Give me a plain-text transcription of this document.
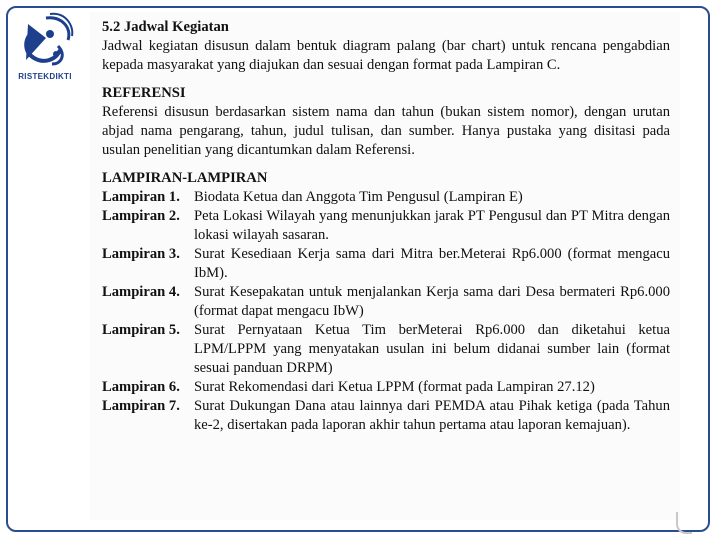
RISTEKDIKTI

5.2 Jadwal Kegiatan

Jadwal kegiatan disusun dalam bentuk diagram palang (bar chart) untuk rencana pengabdian kepada masyarakat yang diajukan dan sesuai dengan format pada Lampiran C.

REFERENSI

Referensi disusun berdasarkan sistem nama dan tahun (bukan sistem nomor), dengan urutan abjad nama pengarang, tahun, judul tulisan, dan sumber. Hanya pustaka yang disitasi pada usulan penelitian yang dicantumkan dalam Referensi.

LAMPIRAN-LAMPIRAN

Lampiran 1. Biodata Ketua dan Anggota Tim Pengusul (Lampiran E)
Lampiran 2. Peta Lokasi Wilayah yang menunjukkan jarak PT Pengusul dan PT Mitra dengan lokasi wilayah sasaran.
Lampiran 3. Surat Kesediaan Kerja sama dari Mitra ber.Meterai Rp6.000 (format mengacu IbM).
Lampiran 4. Surat Kesepakatan untuk menjalankan Kerja sama dari Desa bermateri Rp6.000 (format dapat mengacu IbW)
Lampiran 5. Surat Pernyataan Ketua Tim berMeterai Rp6.000 dan diketahui ketua LPM/LPPM yang menyatakan usulan ini belum didanai sumber lain (format sesuai panduan DRPM)
Lampiran 6. Surat Rekomendasi dari Ketua LPPM (format pada Lampiran 27.12)
Lampiran 7. Surat Dukungan Dana atau lainnya dari PEMDA atau Pihak ketiga (pada Tahun ke-2, disertakan pada laporan akhir tahun pertama atau laporan kemajuan).
